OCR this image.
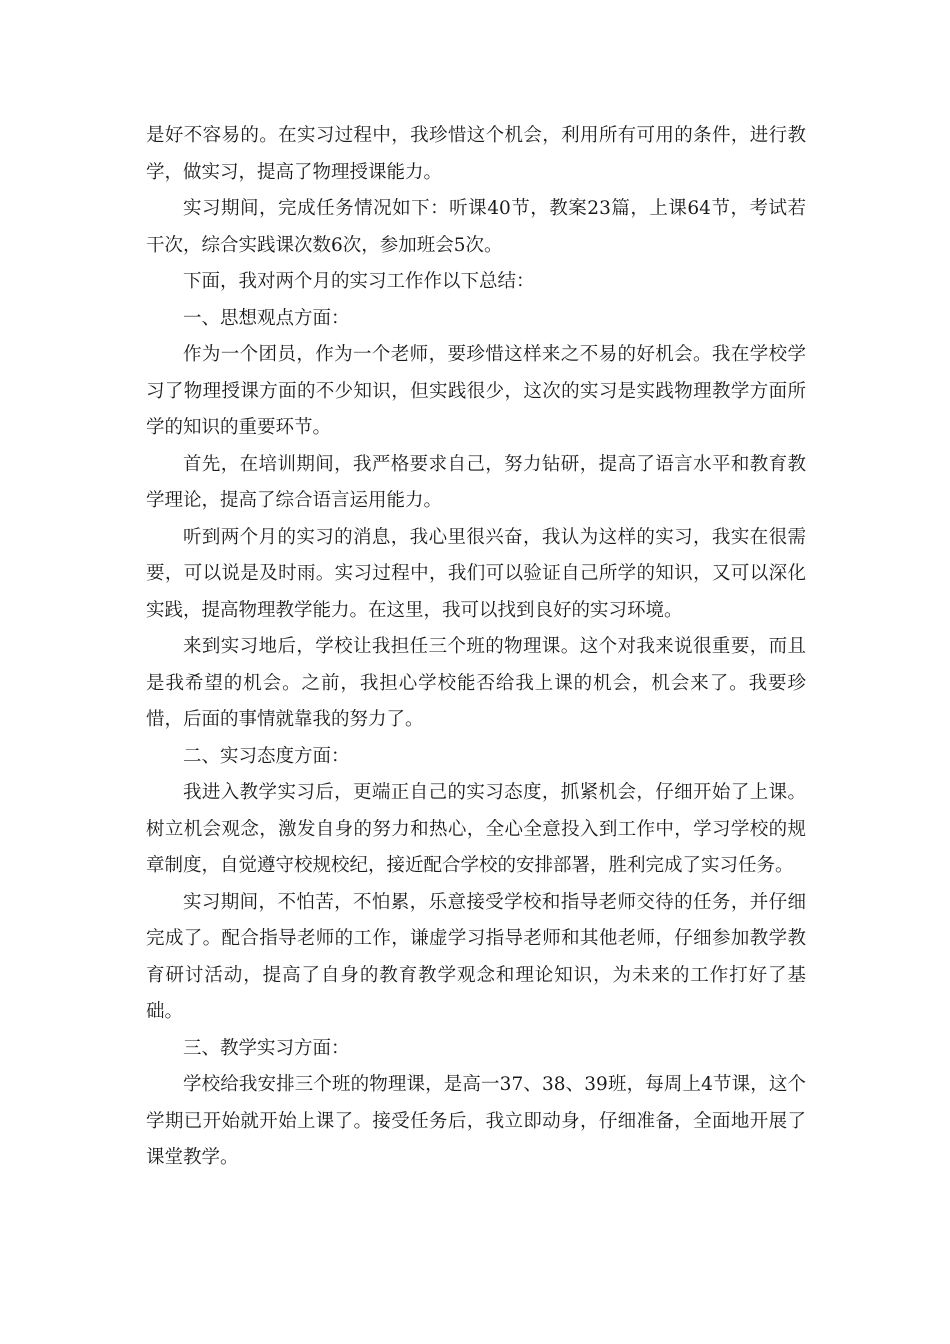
是好不容易的。在实习过程中，我珍惜这个机会，利用所有可用的条件，进行教学，做实习，提高了物理授课能力。

实习期间，完成任务情况如下：听课40节，教案23篇，上课64节，考试若干次，综合实践课次数6次，参加班会5次。

下面，我对两个月的实习工作作以下总结：

一、思想观点方面：

作为一个团员，作为一个老师，要珍惜这样来之不易的好机会。我在学校学习了物理授课方面的不少知识，但实践很少，这次的实习是实践物理教学方面所学的知识的重要环节。

首先，在培训期间，我严格要求自己，努力钻研，提高了语言水平和教育教学理论，提高了综合语言运用能力。

听到两个月的实习的消息，我心里很兴奋，我认为这样的实习，我实在很需要，可以说是及时雨。实习过程中，我们可以验证自己所学的知识，又可以深化实践，提高物理教学能力。在这里，我可以找到良好的实习环境。

来到实习地后，学校让我担任三个班的物理课。这个对我来说很重要，而且是我希望的机会。之前，我担心学校能否给我上课的机会，机会来了。我要珍惜，后面的事情就靠我的努力了。

二、实习态度方面：

我进入教学实习后，更端正自己的实习态度，抓紧机会，仔细开始了上课。树立机会观念，激发自身的努力和热心，全心全意投入到工作中，学习学校的规章制度，自觉遵守校规校纪，接近配合学校的安排部署，胜利完成了实习任务。

实习期间，不怕苦，不怕累，乐意接受学校和指导老师交待的任务，并仔细完成了。配合指导老师的工作，谦虚学习指导老师和其他老师，仔细参加教学教育研讨活动，提高了自身的教育教学观念和理论知识，为未来的工作打好了基础。

三、教学实习方面：

学校给我安排三个班的物理课，是高一37、38、39班，每周上4节课，这个学期已开始就开始上课了。接受任务后，我立即动身，仔细准备，全面地开展了课堂教学。
